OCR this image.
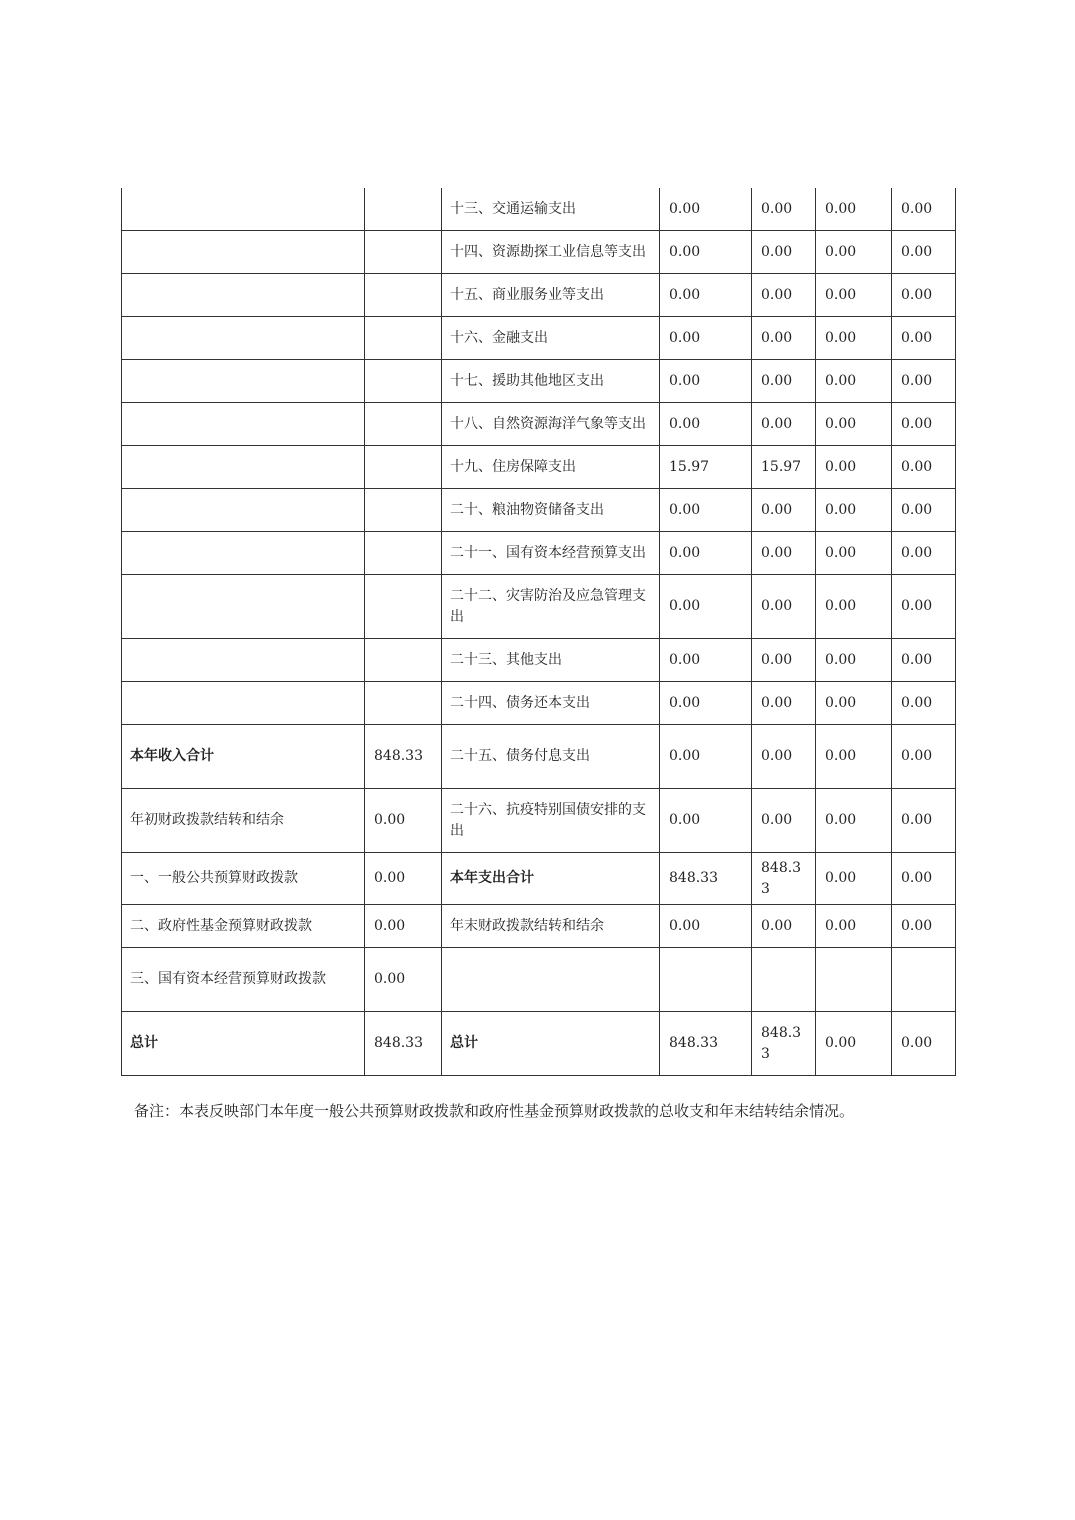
		十三、交通运输支出	0.00	0.00	0.00	0.00
		十四、资源勘探工业信息等支出	0.00	0.00	0.00	0.00
		十五、商业服务业等支出	0.00	0.00	0.00	0.00
		十六、金融支出	0.00	0.00	0.00	0.00
		十七、援助其他地区支出	0.00	0.00	0.00	0.00
		十八、自然资源海洋气象等支出	0.00	0.00	0.00	0.00
		十九、住房保障支出	15.97	15.97	0.00	0.00
		二十、粮油物资储备支出	0.00	0.00	0.00	0.00
		二十一、国有资本经营预算支出	0.00	0.00	0.00	0.00
		二十二、灾害防治及应急管理支出	0.00	0.00	0.00	0.00
		二十三、其他支出	0.00	0.00	0.00	0.00
		二十四、债务还本支出	0.00	0.00	0.00	0.00
本年收入合计	848.33	二十五、债务付息支出	0.00	0.00	0.00	0.00
年初财政拨款结转和结余	0.00	二十六、抗疫特别国债安排的支出	0.00	0.00	0.00	0.00
一、一般公共预算财政拨款	0.00	本年支出合计	848.33	848.33	0.00	0.00
二、政府性基金预算财政拨款	0.00	年末财政拨款结转和结余	0.00	0.00	0.00	0.00
三、国有资本经营预算财政拨款	0.00					
总计	848.33	总计	848.33	848.33	0.00	0.00
备注：本表反映部门本年度一般公共预算财政拨款和政府性基金预算财政拨款的总收支和年末结转结余情况。
